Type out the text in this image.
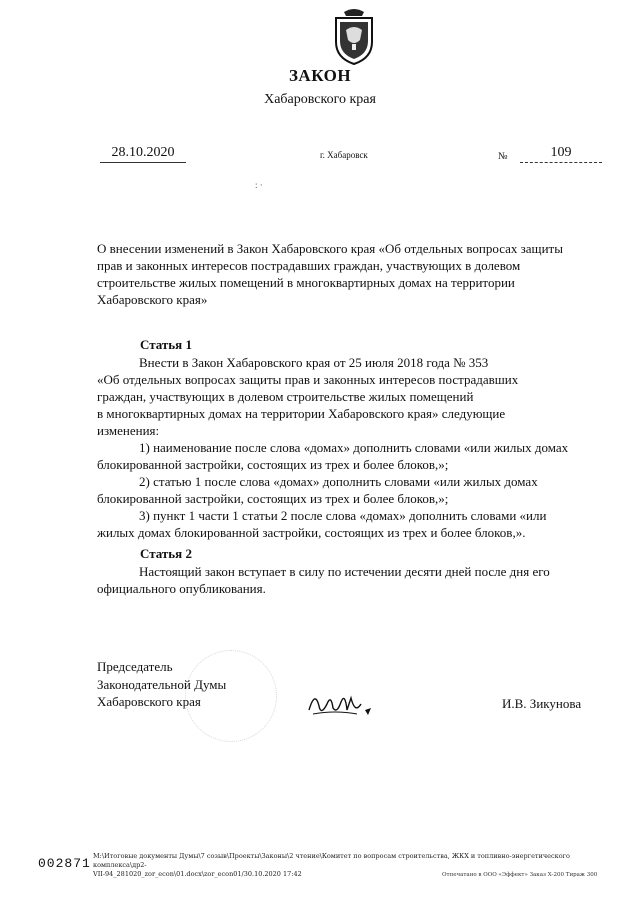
ЗАКОН
Хабаровского края
28.10.2020	г. Хабаровск	№	109
: ·

О внесении изменений в Закон Хабаровского края «Об отдельных вопросах защиты

прав и законных интересов пострадавших граждан, участвующих в долевом

строительстве жилых помещений в многоквартирных домах на территории

Хабаровского края»

Статья 1

Внести в Закон Хабаровского края от 25 июля 2018 года № 353

«Об отдельных вопросах защиты прав и законных интересов пострадавших

граждан, участвующих в долевом строительстве жилых помещений

в многоквартирных домах на территории Хабаровского края» следующие

изменения:

1) наименование после слова «домах» дополнить словами «или жилых домах

блокированной застройки, состоящих из трех и более блоков,»;

2) статью 1 после слова «домах» дополнить словами «или жилых домах

блокированной застройки, состоящих из трех и более блоков,»;

3) пункт 1 части 1 статьи 2 после слова «домах» дополнить словами «или

жилых домах блокированной застройки, состоящих из трех и более блоков,».

Статья 2

Настоящий закон вступает в силу по истечении десяти дней после дня его

официального опубликования.

Председатель
Законодательной Думы
Хабаровского края	И.В. Зикунова
002871 M:\Итоговые документы Думы\7 созыв\Проекты\Законы\2 чтение\Комитет по вопросам строительства, ЖКХ и топливно-энергетического комплекса\др2-
VII-94_281020_zor_econ\01.docx\zor_econ01/30.10.2020 17:42	Отпечатано в ООО «Эффект» Заказ Х-200 Тираж 300
